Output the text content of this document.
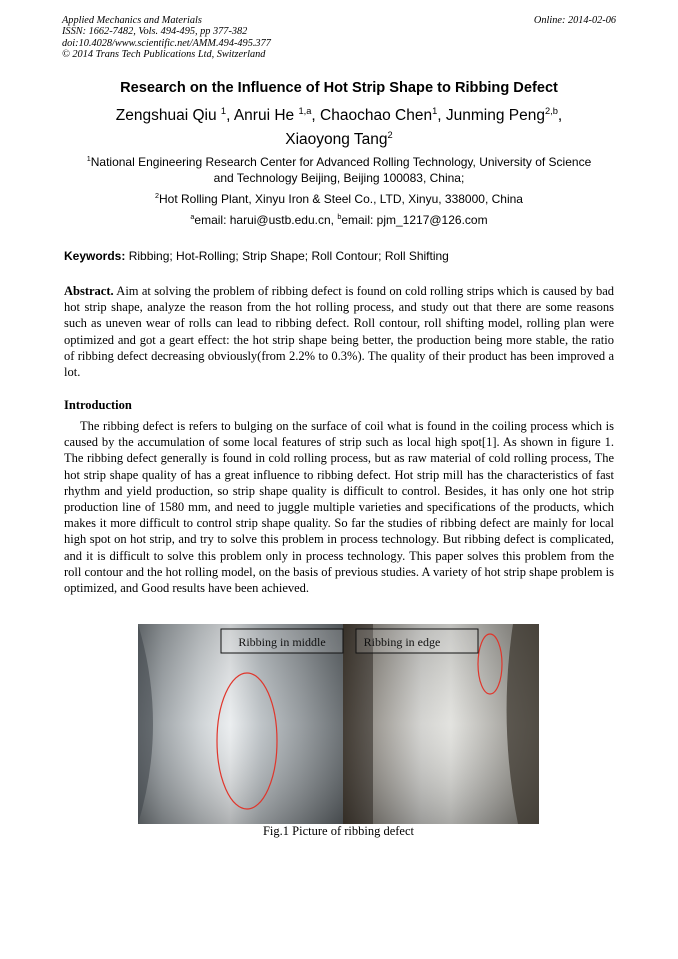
Applied Mechanics and Materials
ISSN: 1662-7482, Vols. 494-495, pp 377-382
doi:10.4028/www.scientific.net/AMM.494-495.377
© 2014 Trans Tech Publications Ltd, Switzerland
Online: 2014-02-06
Research on the Influence of Hot Strip Shape to Ribbing Defect
Zengshuai Qiu $^1$, Anrui He $^{1,a}$, Chaochao Chen$^1$, Junming Peng$^{2,b}$,
Xiaoyong Tang$^2$
$^1$National Engineering Research Center for Advanced Rolling Technology, University of Science
and Technology Beijing, Beijing 100083, China;
$^2$Hot Rolling Plant, Xinyu Iron & Steel Co., LTD, Xinyu, 338000, China
$^a$email: harui@ustb.edu.cn, $^b$email: pjm_1217@126.com
Keywords: Ribbing; Hot-Rolling; Strip Shape; Roll Contour; Roll Shifting
Abstract. Aim at solving the problem of ribbing defect is found on cold rolling strips which is caused by bad hot strip shape, analyze the reason from the hot rolling process, and study out that there are some reasons such as uneven wear of rolls can lead to ribbing defect. Roll contour, roll shifting model, rolling plan were optimized and got a geart effect: the hot strip shape being better, the production being more stable, the ratio of ribbing defect decreasing obviously(from 2.2% to 0.3%). The quality of their product has been improved a lot.
Introduction
The ribbing defect is refers to bulging on the surface of coil what is found in the coiling process which is caused by the accumulation of some local features of strip such as local high spot[1]. As shown in figure 1. The ribbing defect generally is found in cold rolling process, but as raw material of cold rolling process, The hot strip shape quality of has a great influence to ribbing defect. Hot strip mill has the characteristics of fast rhythm and yield production, so strip shape quality is difficult to control. Besides, it has only one hot strip production line of 1580 mm, and need to juggle multiple varieties and specifications of the products, which makes it more difficult to control strip shape quality. So far the studies of ribbing defect are mainly for local high spot on hot strip, and try to solve this problem in process technology. But ribbing defect is complicated, and it is difficult to solve this problem only in process technology. This paper solves this problem from the roll contour and the hot rolling model, on the basis of previous studies. A variety of hot strip shape problem is optimized, and Good results have been achieved.
Ribbing in middle	Ribbing in edge
Fig.1 Picture of ribbing defect
